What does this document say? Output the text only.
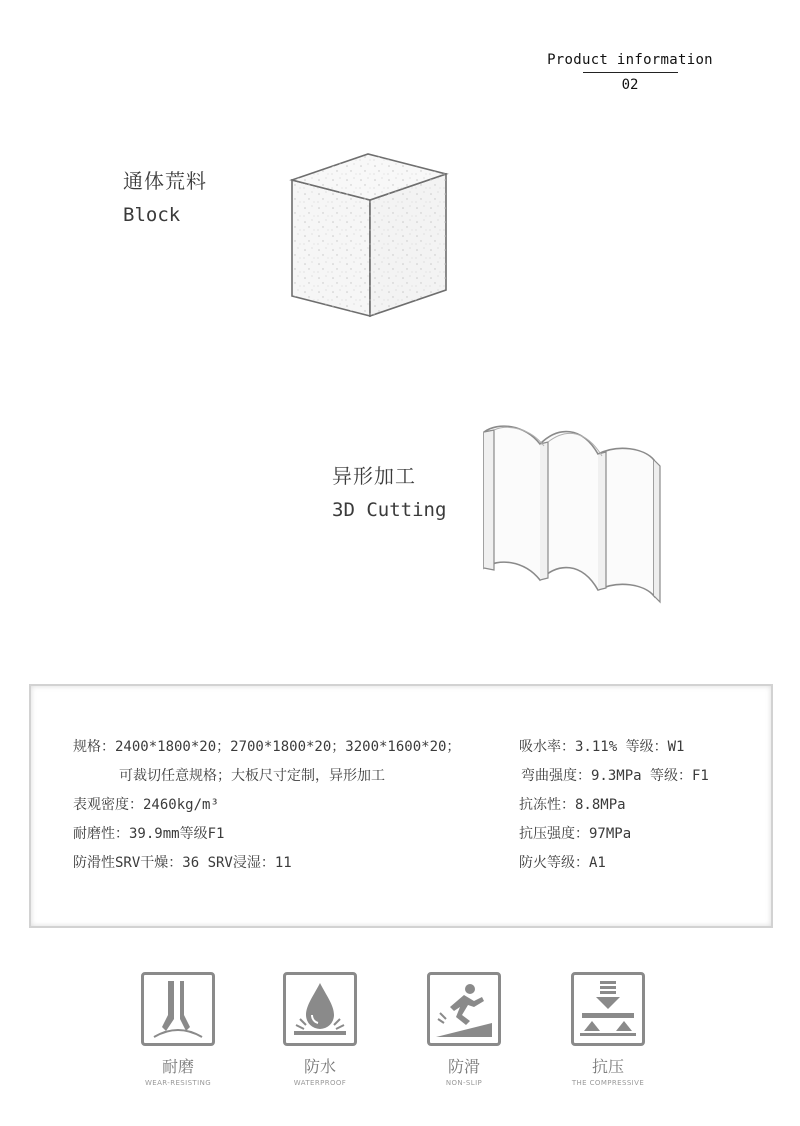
Product information
02
通体荒料
Block
异形加工
3D Cutting
规格：2400*1800*20；2700*1800*20；3200*1600*20；
可裁切任意规格；大板尺寸定制，异形加工
表观密度：2460kg/m³
耐磨性：39.9mm等级F1
防滑性SRV干燥：36 SRV浸湿：11
吸水率：3.11% 等级：W1
弯曲强度：9.3MPa 等级：F1
抗冻性：8.8MPa
抗压强度：97MPa
防火等级：A1
耐磨
WEAR-RESISTING
防水
WATERPROOF
防滑
NON-SLIP
抗压
THE COMPRESSIVE
